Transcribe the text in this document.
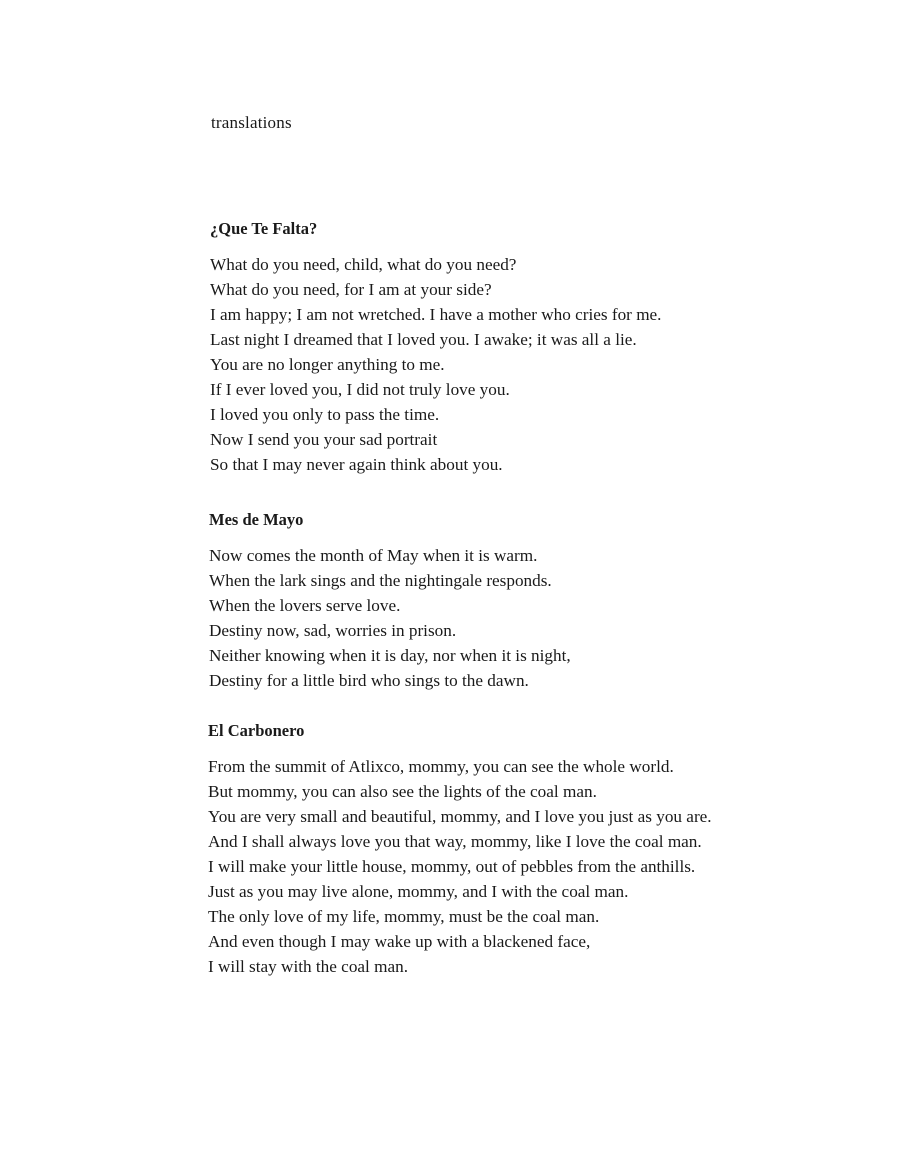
translations
¿Que Te Falta?
What do you need, child, what do you need?
What do you need, for I am at your side?
I am happy; I am not wretched. I have a mother who cries for me.
Last night I dreamed that I loved you. I awake; it was all a lie.
You are no longer anything to me.
If I ever loved you, I did not truly love you.
I loved you only to pass the time.
Now I send you your sad portrait
So that I may never again think about you.
Mes de Mayo
Now comes the month of May when it is warm.
When the lark sings and the nightingale responds.
When the lovers serve love.
Destiny now, sad, worries in prison.
Neither knowing when it is day, nor when it is night,
Destiny for a little bird who sings to the dawn.
El Carbonero
From the summit of Atlixco, mommy, you can see the whole world.
But mommy, you can also see the lights of the coal man.
You are very small and beautiful, mommy, and I love you just as you are.
And I shall always love you that way, mommy, like I love the coal man.
I will make your little house, mommy, out of pebbles from the anthills.
Just as you may live alone, mommy, and I with the coal man.
The only love of my life, mommy, must be the coal man.
And even though I may wake up with a blackened face,
I will stay with the coal man.
